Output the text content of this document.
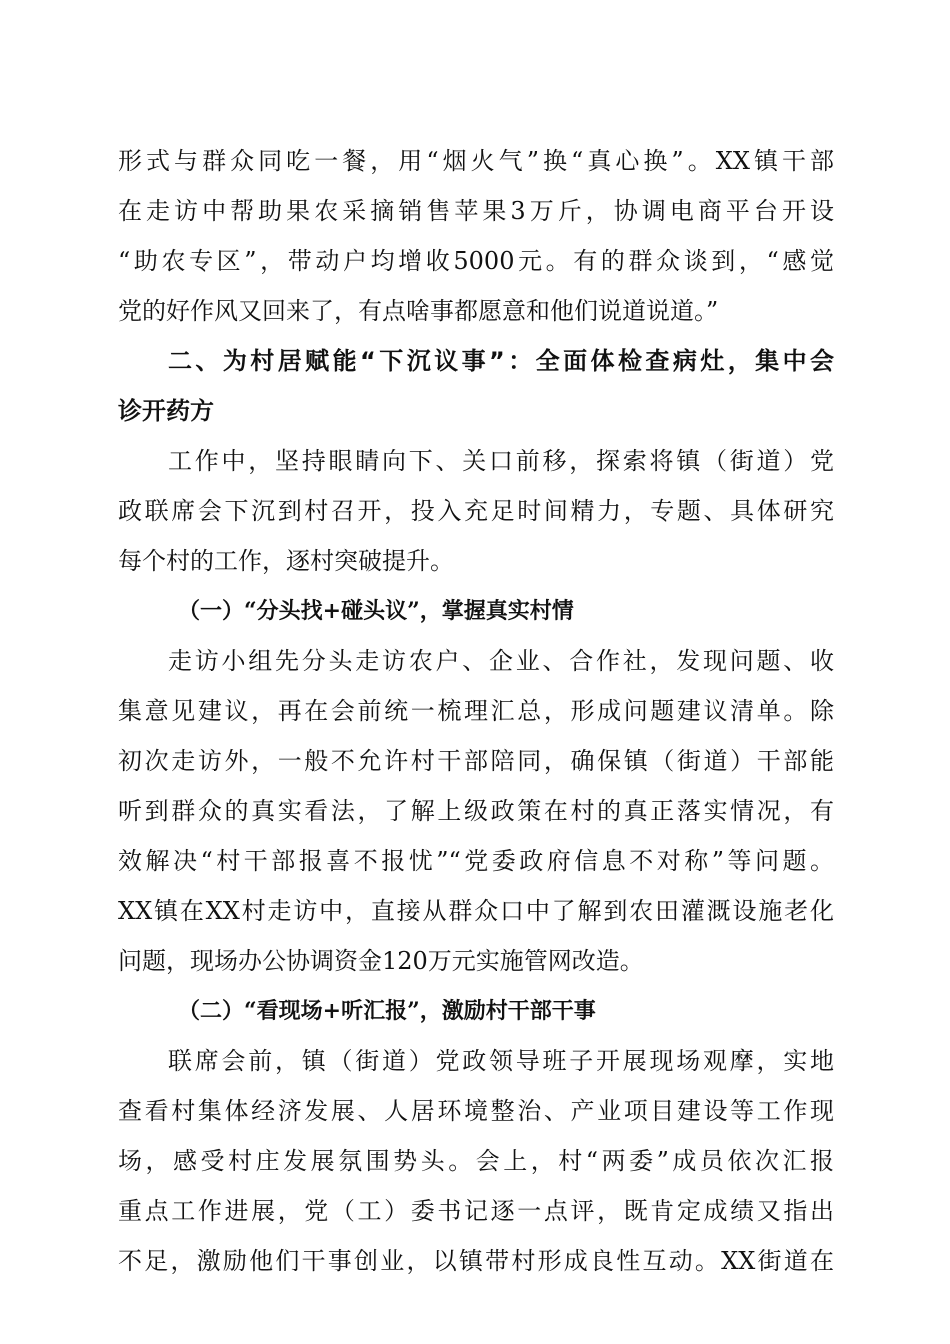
形式与群众同吃一餐，用“烟火气”换“真心换”。XX镇干部
在走访中帮助果农采摘销售苹果3万斤，协调电商平台开设
“助农专区”，带动户均增收5000元。有的群众谈到，“感觉
党的好作风又回来了，有点啥事都愿意和他们说道说道。”
二、为村居赋能“下沉议事”：全面体检查病灶，集中会
诊开药方
工作中，坚持眼睛向下、关口前移，探索将镇（街道）党
政联席会下沉到村召开，投入充足时间精力，专题、具体研究
每个村的工作，逐村突破提升。
（一）“分头找+碰头议”，掌握真实村情
走访小组先分头走访农户、企业、合作社，发现问题、收
集意见建议，再在会前统一梳理汇总，形成问题建议清单。除
初次走访外，一般不允许村干部陪同，确保镇（街道）干部能
听到群众的真实看法，了解上级政策在村的真正落实情况，有
效解决“村干部报喜不报忧”“党委政府信息不对称”等问题。
XX镇在XX村走访中，直接从群众口中了解到农田灌溉设施老化
问题，现场办公协调资金120万元实施管网改造。
（二）“看现场+听汇报”，激励村干部干事
联席会前，镇（街道）党政领导班子开展现场观摩，实地
查看村集体经济发展、人居环境整治、产业项目建设等工作现
场，感受村庄发展氛围势头。会上，村“两委”成员依次汇报
重点工作进展，党（工）委书记逐一点评，既肯定成绩又指出
不足，激励他们干事创业，以镇带村形成良性互动。XX街道在
